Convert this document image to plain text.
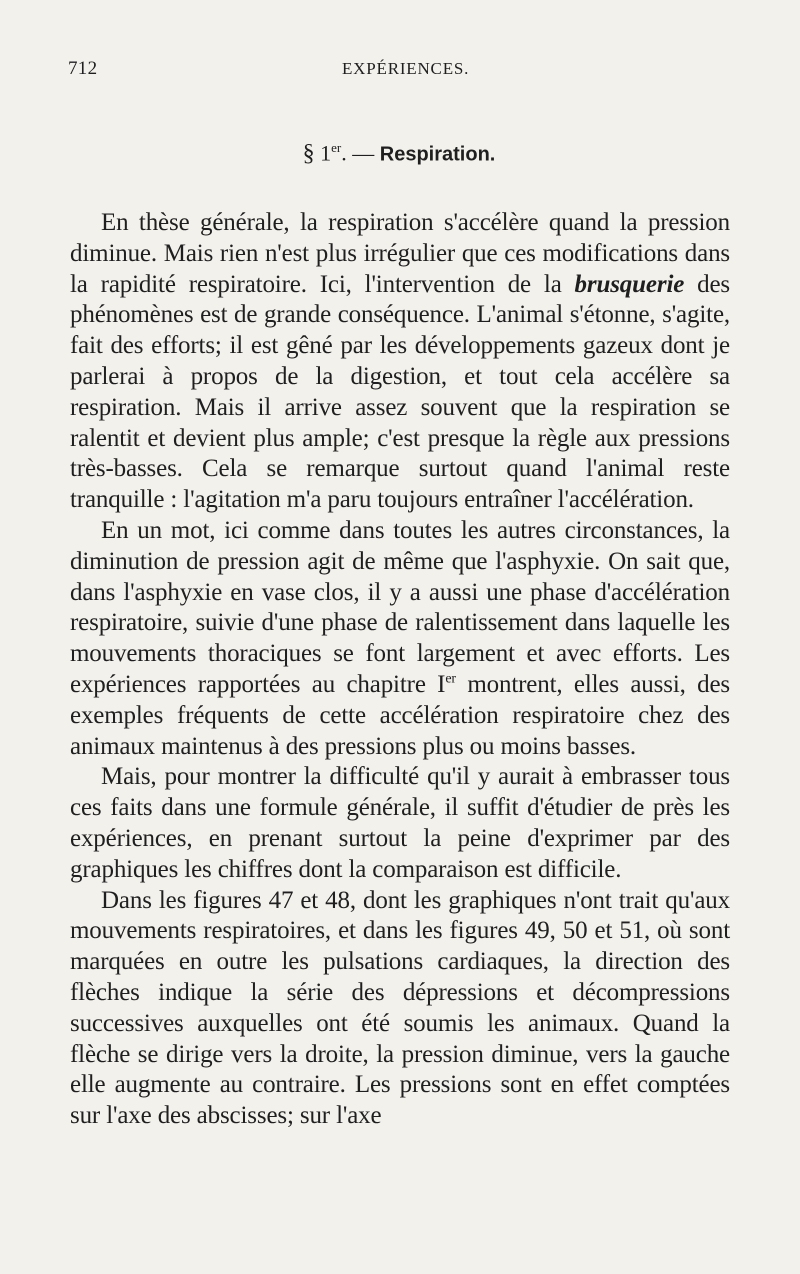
712	EXPÉRIENCES.
§ 1er. — Respiration.

En thèse générale, la respiration s'accélère quand la pression diminue. Mais rien n'est plus irrégulier que ces modifications dans la rapidité respiratoire. Ici, l'intervention de la brusquerie des phénomènes est de grande conséquence. L'animal s'étonne, s'agite, fait des efforts; il est gêné par les développements gazeux dont je parlerai à propos de la digestion, et tout cela accélère sa respiration. Mais il arrive assez souvent que la respiration se ralentit et devient plus ample; c'est presque la règle aux pressions très-basses. Cela se remarque surtout quand l'animal reste tranquille : l'agitation m'a paru toujours entraîner l'accélération.

En un mot, ici comme dans toutes les autres circonstances, la diminution de pression agit de même que l'asphyxie. On sait que, dans l'asphyxie en vase clos, il y a aussi une phase d'accélération respiratoire, suivie d'une phase de ralentissement dans laquelle les mouvements thoraciques se font largement et avec efforts. Les expériences rapportées au chapitre Ier montrent, elles aussi, des exemples fréquents de cette accélération respiratoire chez des animaux maintenus à des pressions plus ou moins basses.

Mais, pour montrer la difficulté qu'il y aurait à embrasser tous ces faits dans une formule générale, il suffit d'étudier de près les expériences, en prenant surtout la peine d'exprimer par des graphiques les chiffres dont la comparaison est difficile.

Dans les figures 47 et 48, dont les graphiques n'ont trait qu'aux mouvements respiratoires, et dans les figures 49, 50 et 51, où sont marquées en outre les pulsations cardiaques, la direction des flèches indique la série des dépressions et décompressions successives auxquelles ont été soumis les animaux. Quand la flèche se dirige vers la droite, la pression diminue, vers la gauche elle augmente au contraire. Les pressions sont en effet comptées sur l'axe des abscisses; sur l'axe
